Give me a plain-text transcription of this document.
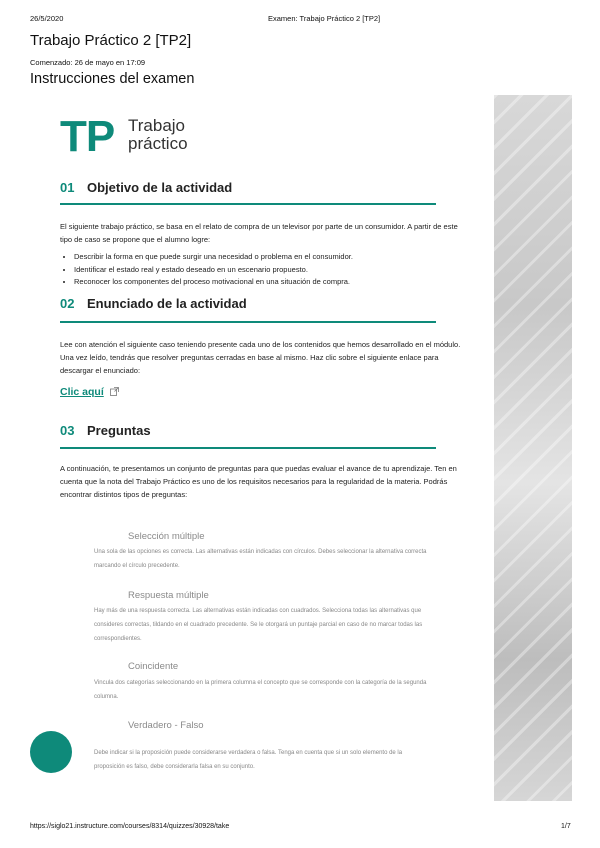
26/5/2020	Examen: Trabajo Práctico 2 [TP2]
Trabajo Práctico 2 [TP2]
Comenzado: 26 de mayo en 17:09
Instrucciones del examen
TP Trabajo
práctico
01 Objetivo de la actividad
El siguiente trabajo práctico, se basa en el relato de compra de un televisor por parte de un consumidor. A partir de este tipo de caso se propone que el alumno logre:
• Describir la forma en que puede surgir una necesidad o problema en el consumidor.
• Identificar el estado real y estado deseado en un escenario propuesto.
• Reconocer los componentes del proceso motivacional en una situación de compra.
02 Enunciado de la actividad
Lee con atención el siguiente caso teniendo presente cada uno de los contenidos que hemos desarrollado en el módulo. Una vez leído, tendrás que resolver preguntas cerradas en base al mismo. Haz clic sobre el siguiente enlace para descargar el enunciado:
Clic aquí
03 Preguntas
A continuación, te presentamos un conjunto de preguntas para que puedas evaluar el avance de tu aprendizaje. Ten en cuenta que la nota del Trabajo Práctico es uno de los requisitos necesarios para la regularidad de la materia. Podrás encontrar distintos tipos de preguntas:
Selección múltiple
Una sola de las opciones es correcta. Las alternativas están indicadas con círculos. Debes seleccionar la alternativa correcta marcando el círculo precedente.
Respuesta múltiple
Hay más de una respuesta correcta. Las alternativas están indicadas con cuadrados. Selecciona todas las alternativas que consideres correctas, tildando en el cuadrado precedente. Se le otorgará un puntaje parcial en caso de no marcar todas las correspondientes.
Coincidente
Vincula dos categorías seleccionando en la primera columna el concepto que se corresponde con la categoría de la segunda columna.
Verdadero - Falso
Debe indicar si la proposición puede considerarse verdadera o falsa. Tenga en cuenta que si un solo elemento de la proposición es falso, debe considerarla falsa en su conjunto.
https://siglo21.instructure.com/courses/8314/quizzes/30928/take	1/7
